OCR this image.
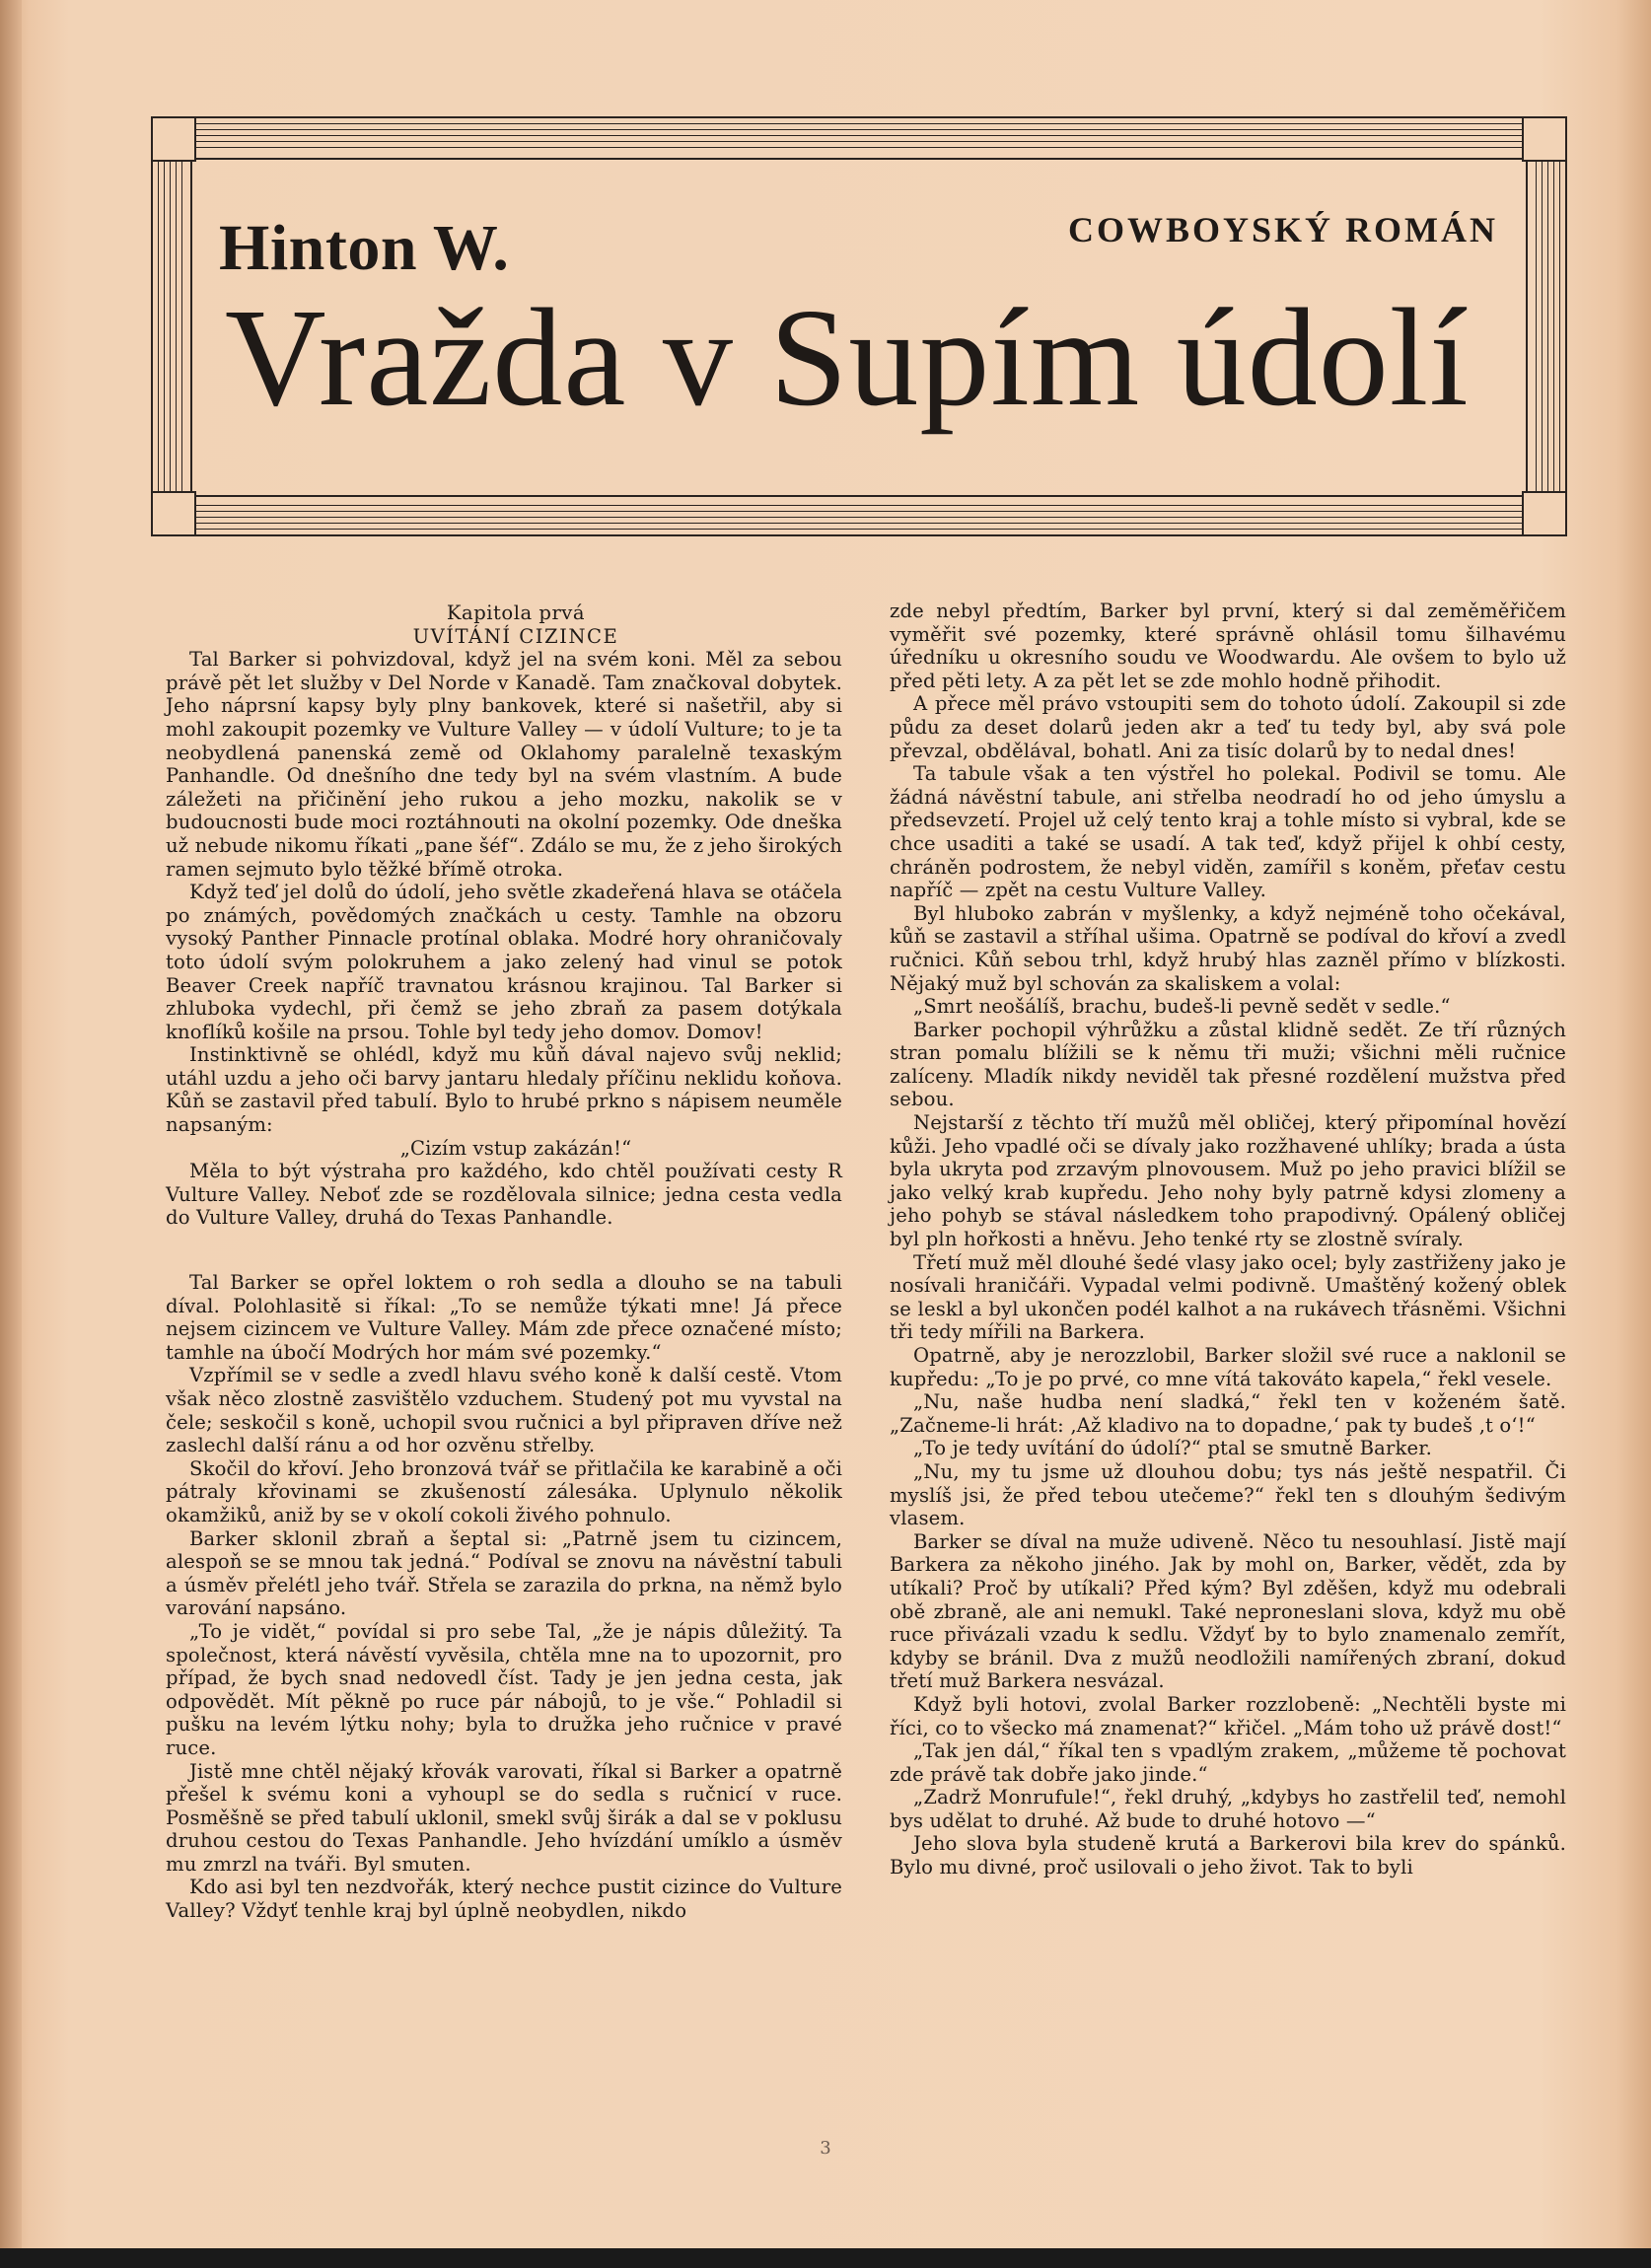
Hinton W.	COWBOYSKÝ ROMÁN
Vražda v Supím údolí

Kapitola prvá

UVÍTÁNÍ CIZINCE

Tal Barker si pohvizdoval, když jel na svém koni. Měl za sebou právě pět let služby v Del Norde v Kanadě. Tam značkoval dobytek. Jeho náprsní kapsy byly plny bankovek, které si našetřil, aby si mohl zakoupit pozemky ve Vulture Valley — v údolí Vulture; to je ta neobydlená panenská země od Oklahomy paralelně texaským Panhandle. Od dnešního dne tedy byl na svém vlastním. A bude záležeti na přičinění jeho rukou a jeho mozku, nakolik se v budoucnosti bude moci roztáhnouti na okolní pozemky. Ode dneška už nebude nikomu říkati „pane šéf“. Zdálo se mu, že z jeho širokých ramen sejmuto bylo těžké břímě otroka.

Když teď jel dolů do údolí, jeho světle zkadeřená hlava se otáčela po známých, povědomých značkách u cesty. Tamhle na obzoru vysoký Panther Pinnacle protínal oblaka. Modré hory ohraničovaly toto údolí svým polokruhem a jako zelený had vinul se potok Beaver Creek napříč travnatou krásnou krajinou. Tal Barker si zhluboka vydechl, při čemž se jeho zbraň za pasem dotýkala knoflíků košile na prsou. Tohle byl tedy jeho domov. Domov!

Instinktivně se ohlédl, když mu kůň dával najevo svůj neklid; utáhl uzdu a jeho oči barvy jantaru hledaly příčinu neklidu koňova. Kůň se zastavil před tabulí. Bylo to hrubé prkno s nápisem neumělе napsaným:

„Cizím vstup zakázán!“

Měla to být výstraha pro každého, kdo chtěl používati cesty R Vulture Valley. Neboť zde se rozdělovala silnice; jedna cesta vedla do Vulture Valley, druhá do Texas Panhandle.

Tal Barker se opřel loktem o roh sedla a dlouho se na tabuli díval. Polohlasitě si říkal: „To se nemůže týkati mne! Já přece nejsem cizincem ve Vulture Valley. Mám zde přece označené místo; tamhle na úbočí Modrých hor mám své pozemky.“

Vzpřímil se v sedle a zvedl hlavu svého koně k další cestě. Vtom však něco zlostně zasvištělo vzduchem. Studený pot mu vyvstal na čele; seskočil s koně, uchopil svou ručnici a byl připraven dříve než zaslechl další ránu a od hor ozvěnu střelby.

Skočil do křoví. Jeho bronzová tvář se přitlačila ke karabině a oči pátraly křovinami se zkušeností zálesáka. Uplynulo několik okamžiků, aniž by se v okolí cokoli živého pohnulo.

Barker sklonil zbraň a šeptal si: „Patrně jsem tu cizincem, alespoň se se mnou tak jedná.“ Podíval se znovu na návěstní tabuli a úsměv přelétl jeho tvář. Střela se zarazila do prkna, na němž bylo varování napsáno.

„To je vidět,“ povídal si pro sebe Tal, „že je nápis důležitý. Ta společnost, která návěstí vyvěsila, chtěla mne na to upozornit, pro případ, že bych snad nedovedl číst. Tady je jen jedna cesta, jak odpovědět. Mít pěkně po ruce pár nábojů, to je vše.“ Pohladil si pušku na levém lýtku nohy; byla to družka jeho ručnice v pravé ruce.

Jistě mne chtěl nějaký křovák varovati, říkal si Barker a opatrně přešel k svému koni a vyhoupl se do sedla s ručnicí v ruce. Posměšně se před tabulí uklonil, smekl svůj širák a dal se v poklusu druhou cestou do Texas Panhandle. Jeho hvízdání umíklo a úsměv mu zmrzl na tváři. Byl smuten.

Kdo asi byl ten nezdvořák, který nechce pustit cizince do Vulture Valley? Vždyť tenhle kraj byl úplně neobydlen, nikdo

zde nebyl předtím, Barker byl první, který si dal zeměměřičem vyměřit své pozemky, které správně ohlásil tomu šilhavému úředníku u okresního soudu ve Woodwardu. Ale ovšem to bylo už před pěti lety. A za pět let se zde mohlo hodně přihodit.

A přece měl právo vstoupiti sem do tohoto údolí. Zakoupil si zde půdu za deset dolarů jeden akr a teď tu tedy byl, aby svá pole převzal, obdělával, bohatl. Ani za tisíc dolarů by to nedal dnes!

Ta tabule však a ten výstřel ho polekal. Podivil se tomu. Ale žádná návěstní tabule, ani střelba neodradí ho od jeho úmyslu a předsevzetí. Projel už celý tento kraj a tohle místo si vybral, kde se chce usaditi a také se usadí. A tak teď, když přijel k ohbí cesty, chráněn podrostem, že nebyl viděn, zamířil s koněm, přeťav cestu napříč — zpět na cestu Vulture Valley.

Byl hluboko zabrán v myšlenky, a když nejméně toho očekával, kůň se zastavil a stříhal ušima. Opatrně se podíval do křoví a zvedl ručnici. Kůň sebou trhl, když hrubý hlas zazněl přímo v blízkosti. Nějaký muž byl schován za skaliskem a volal:

„Smrt neošálíš, brachu, budeš-li pevně sedět v sedle.“

Barker pochopil výhrůžku a zůstal klidně sedět. Ze tří různých stran pomalu blížili se k němu tři muži; všichni měli ručnice zalíceny. Mladík nikdy neviděl tak přesné rozdělení mužstva před sebou.

Nejstarší z těchto tří mužů měl obličej, který připomínal hovězí kůži. Jeho vpadlé oči se dívaly jako rozžhavené uhlíky; brada a ústa byla ukryta pod zrzavým plnovousem. Muž po jeho pravici blížil se jako velký krab kupředu. Jeho nohy byly patrně kdysi zlomeny a jeho pohyb se stával následkem toho prapodivný. Opálený obličej byl pln hořkosti a hněvu. Jeho tenké rty se zlostně svíraly.

Třetí muž měl dlouhé šedé vlasy jako ocel; byly zastřiženy jako je nosívali hraničáři. Vypadal velmi podivně. Umaštěný kožený oblek se leskl a byl ukončen podél kalhot a na rukávech třásněmi. Všichni tři tedy mířili na Barkera.

Opatrně, aby je nerozzlobil, Barker složil své ruce a naklonil se kupředu: „To je po prvé, co mne vítá takováto kapela,“ řekl vesele.

„Nu, naše hudba není sladká,“ řekl ten v koženém šatě. „Začneme-li hrát: ‚Až kladivo na to dopadne,‘ pak ty budeš ‚t o‘!“

„To je tedy uvítání do údolí?“ ptal se smutně Barker.

„Nu, my tu jsme už dlouhou dobu; tys nás ještě nespatřil. Či myslíš jsi, že před tebou utečeme?“ řekl ten s dlouhým šedivým vlasem.

Barker se díval na muže udiveně. Něco tu nesouhlasí. Jistě mají Barkera za někoho jiného. Jak by mohl on, Barker, vědět, zda by utíkali? Proč by utíkali? Před kým? Byl zděšen, když mu odebrali obě zbraně, ale ani nemukl. Také neproneslani slova, když mu obě ruce přivázali vzadu k sedlu. Vždyť by to bylo znamenalo zemřít, kdyby se bránil. Dva z mužů neodložili namířených zbraní, dokud třetí muž Barkera nesvázal.

Když byli hotovi, zvolal Barker rozzlobeně: „Nechtěli byste mi říci, co to všecko má znamenat?“ křičel. „Mám toho už právě dost!“

„Tak jen dál,“ říkal ten s vpadlým zrakem, „můžeme tě pochovat zde právě tak dobře jako jinde.“

„Zadrž Monrufule!“, řekl druhý, „kdybys ho zastřelil teď, nemohl bys udělat to druhé. Až bude to druhé hotovo —“

Jeho slova byla studeně krutá a Barkerovi bila krev do spánků. Bylo mu divné, proč usilovali o jeho život. Tak to byli

3
